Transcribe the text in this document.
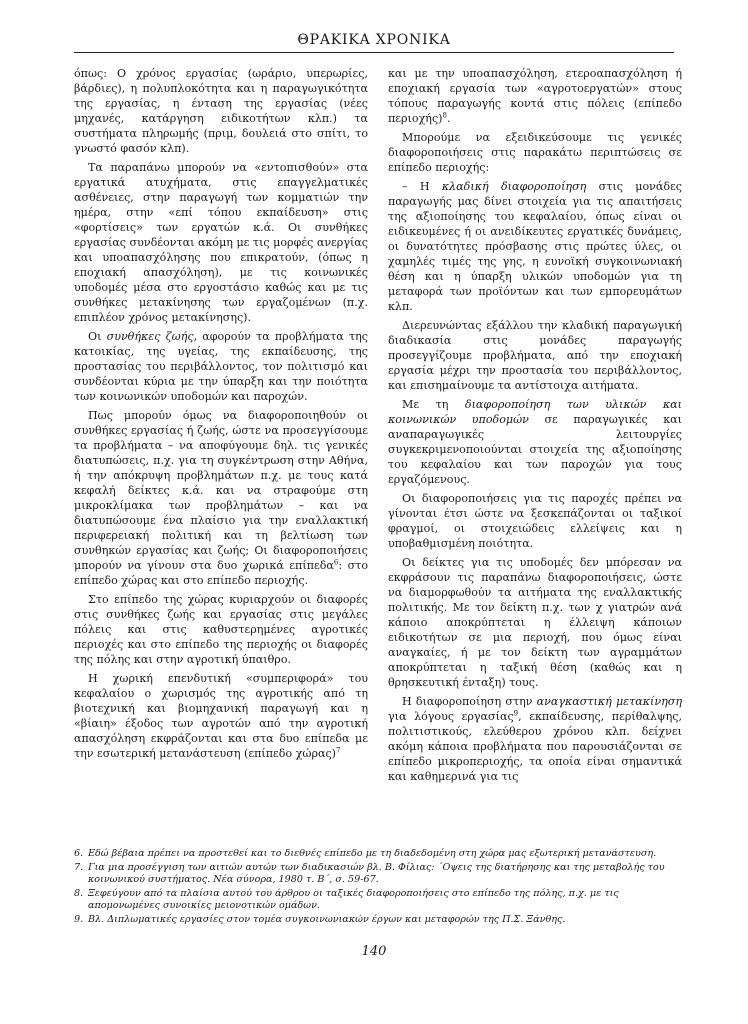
ΘΡΑΚΙΚΑ ΧΡΟΝΙΚΑ

όπως: Ο χρόνος εργασίας (ωράριο, υπερωρίες, βάρδιες), η πολυπλοκότητα και η παραγωγικότητα της εργασίας, η ένταση της εργασίας (νέες μηχανές, κατάργηση ειδικοτήτων κλπ.) τα συστήματα πληρωμής (πριμ, δουλειά στο σπίτι, το γνωστό φασόν κλπ).

Τα παραπάνω μπορούν να «εντοπισθούν» στα εργατικά ατυχήματα, στις επαγγελματικές ασθένειες, στην παραγωγή των κομματιών την ημέρα, στην «επί τόπου εκπαίδευση» στις «φορτίσεις» των εργατών κ.ά. Οι συνθήκες εργασίας συνδέονται ακόμη με τις μορφές ανεργίας και υποαπασχόλησης που επικρατούν, (όπως η εποχιακή απασχόληση), με τις κοινωνικές υποδομές μέσα στο εργοστάσιο καθώς και με τις συνθήκες μετακίνησης των εργαζομένων (π.χ. επιπλέον χρόνος μετακίνησης).

Οι συνθήκες ζωής, αφορούν τα προβλήματα της κατοικίας, της υγείας, της εκπαίδευσης, της προστασίας του περιβάλλοντος, τον πολιτισμό και συνδέονται κύρια με την ύπαρξη και την ποιότητα των κοινωνικών υποδομών και παροχών.

Πως μπορούν όμως να διαφοροποιηθούν οι συνθήκες εργασίας ή ζωής, ώστε να προσεγγίσουμε τα προβλήματα – να αποφύγουμε δηλ. τις γενικές διατυπώσεις, π.χ. για τη συγκέντρωση στην Αθήνα, ή την απόκρυψη προβλημάτων π.χ. με τους κατά κεφαλή δείκτες κ.ά. και να στραφούμε στη μικροκλίμακα των προβλημάτων – και να διατυπώσουμε ένα πλαίσιο για την εναλλακτική περιφερειακή πολιτική και τη βελτίωση των συνθηκών εργασίας και ζωής; Οι διαφοροποιήσεις μπορούν να γίνουν στα δυο χωρικά επίπεδα$^6$: στο επίπεδο χώρας και στο επίπεδο περιοχής.

Στο επίπεδο της χώρας κυριαρχούν οι διαφορές στις συνθήκες ζωής και εργασίας στις μεγάλες πόλεις και στις καθυστερημένες αγροτικές περιοχές και στο επίπεδο της περιοχής οι διαφορές της πόλης και στην αγροτική ύπαιθρο.

Η χωρική επενδυτική «συμπεριφορά» του κεφαλαίου ο χωρισμός της αγροτικής από τη βιοτεχνική και βιομηχανική παραγωγή και η «βίαιη» έξοδος των αγροτών από την αγροτική απασχόληση εκφράζονται και στα δυο επίπεδα με την εσωτερική μετανάστευση (επίπεδο χώρας)$^7$

και με την υποαπασχόληση, ετεροαπασχόληση ή εποχιακή εργασία των «αγροτοεργατών» στους τόπους παραγωγής κοντά στις πόλεις (επίπεδο περιοχής)$^8$.

Μπορούμε να εξειδικεύσουμε τις γενικές διαφοροποιήσεις στις παρακάτω περιπτώσεις σε επίπεδο περιοχής:

– Η κλαδική διαφοροποίηση στις μονάδες παραγωγής μας δίνει στοιχεία για τις απαιτήσεις της αξιοποίησης του κεφαλαίου, όπως είναι οι ειδικευμένες ή οι ανειδίκευτες εργατικές δυνάμεις, οι δυνατότητες πρόσβασης στις πρώτες ύλες, οι χαμηλές τιμές της γης, η ευνοϊκή συγκοινωνιακή θέση και η ύπαρξη υλικών υποδομών για τη μεταφορά των προϊόντων και των εμπορευμάτων κλπ.

Διερευνώντας εξάλλου την κλαδική παραγωγική διαδικασία στις μονάδες παραγωγής προσεγγίζουμε προβλήματα, από την εποχιακή εργασία μέχρι την προστασία του περιβάλλοντος, και επισημαίνουμε τα αντίστοιχα αιτήματα.

Με τη διαφοροποίηση των υλικών και κοινωνικών υποδομών σε παραγωγικές και αναπαραγωγικές λειτουργίες συγκεκριμενοποιούνται στοιχεία της αξιοποίησης του κεφαλαίου και των παροχών για τους εργαζόμενους.

Οι διαφοροποιήσεις για τις παροχές πρέπει να γίνονται έτσι ώστε να ξεσκεπάζονται οι ταξικοί φραγμοί, οι στοιχειώδεις ελλείψεις και η υποβαθμισμένη ποιότητα.

Οι δείκτες για τις υποδομές δεν μπόρεσαν να εκφράσουν τις παραπάνω διαφοροποιήσεις, ώστε να διαμορφωθούν τα αιτήματα της εναλλακτικής πολιτικής. Με τον δείκτη π.χ. των χ γιατρών ανά κάποιο αποκρύπτεται η έλλειψη κάποιων ειδικοτήτων σε μια περιοχή, που όμως είναι αναγκαίες, ή με τον δείκτη των αγραμμάτων αποκρύπτεται η ταξική θέση (καθώς και η θρησκευτική ένταξη) τους.

Η διαφοροποίηση στην αναγκαστική μετακίνηση για λόγους εργασίας$^9$, εκπαίδευσης, περίθαλψης, πολιτιστικούς, ελεύθερου χρόνου κλπ. δείχνει ακόμη κάποια προβλήματα που παρουσιάζονται σε επίπεδο μικροπεριοχής, τα οποία είναι σημαντικά και καθημερινά για τις

6. Εδώ βέβαια πρέπει να προστεθεί και το διεθνές επίπεδο με τη διαδεδομένη στη χώρα μας εξωτερική μετανάστευση.
7. Για μια προσέγγιση των αιτιών αυτών των διαδικασιών βλ. Β. Φίλιας: ´Οψεις της διατήρησης και της μεταβολής του κοινωνικού συστήματος. Νέα σύνορα, 1980 τ. Β´, σ. 59-67.
8. Ξεφεύγουν από τα πλαίσια αυτού του άρθρου οι ταξικές διαφοροποιήσεις στο επίπεδο της πόλης, π.χ. με τις απομονωμένες συνοικίες μειονοτικών ομάδων.
9. Βλ. Διπλωματικές εργασίες στον τομέα συγκοινωνιακών έργων και μεταφορών της Π.Σ. Ξάνθης.
140
